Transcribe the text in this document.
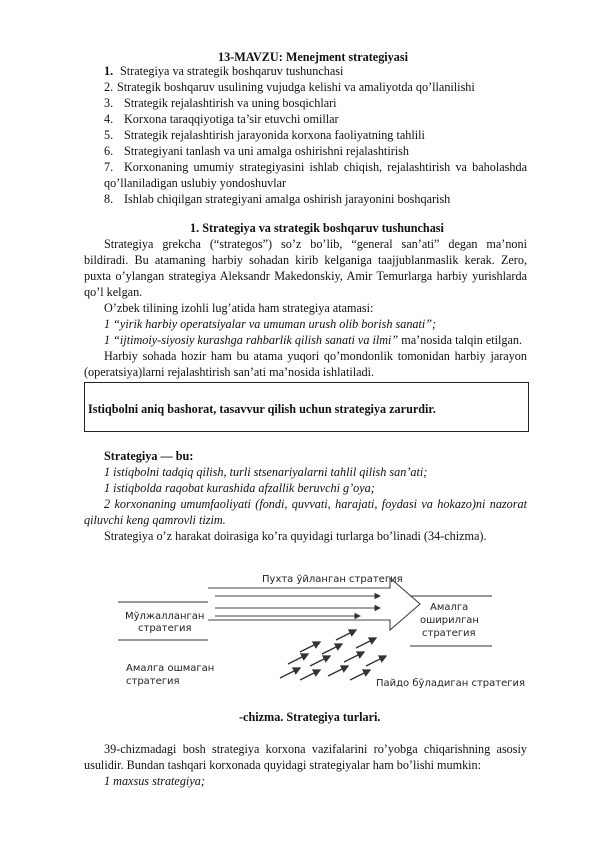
13-MAVZU: Menejment strategiyasi
1. Strategiya va strategik boshqaruv tushunchasi
2. Strategik boshqaruv usulining vujudga kelishi va amaliyotda qo’llanilishi
3. Strategik rejalashtirish va uning bosqichlari
4. Korxona taraqqiyotiga ta’sir etuvchi omillar
5. Strategik rejalashtirish jarayonida korxona faoliyatning tahlili
6. Strategiyani tanlash va uni amalga oshirishni rejalashtirish
7. Korxonaning umumiy strategiyasini ishlab chiqish, rejalashtirish va baholashda
qo’llaniladigan uslubiy yondoshuvlar
8. Ishlab chiqilgan strategiyani amalga oshirish jarayonini boshqarish
1. Strategiya va strategik boshqaruv tushunchasi
Strategiya grekcha (“strategos”) so’z bo’lib, “general san’ati” degan ma’noni
bildiradi. Bu atamaning harbiy sohadan kirib kelganiga taajjublanmaslik kerak. Zero,
puxta o’ylangan strategiya Aleksandr Makedonskiy, Amir Temurlarga harbiy yurishlarda
qo’l kelgan.
O’zbek tilining izohli lug’atida ham strategiya atamasi:
1 “yirik harbiy operatsiyalar va umuman urush olib borish sanati”;
1 “ijtimoiy-siyosiy kurashga rahbarlik qilish sanati va ilmi” ma’nosida talqin etilgan.
Harbiy sohada hozir ham bu atama yuqori qo’mondonlik tomonidan harbiy jarayon
(operatsiya)larni rejalashtirish san’ati ma’nosida ishlatiladi.
Istiqbolni aniq bashorat, tasavvur qilish uchun strategiya zarurdir.
Strategiya — bu:
1 istiqbolni tadqiq qilish, turli stsenariyalarni tahlil qilish san’ati;
1 istiqbolda raqobat kurashida afzallik beruvchi g’oya;
2 korxonaning umumfaoliyati (fondi, quvvati, harajati, foydasi va hokazo)ni nazorat
qiluvchi keng qamrovli tizim.
Strategiya o’z harakat doirasiga ko’ra quyidagi turlarga bo’linadi (34-chizma).
Пухта ўйланган стратегия
Мўлжалланган
стратегия
Амалга
оширилган
стратегия
Амалга ошмаган
стратегия	Пайдо бўладиган стратегия
-chizma. Strategiya turlari.
39-chizmadagi bosh strategiya korxona vazifalarini ro’yobga chiqarishning asosiy
usulidir. Bundan tashqari korxonada quyidagi strategiyalar ham bo’lishi mumkin:
1 maxsus strategiya;
